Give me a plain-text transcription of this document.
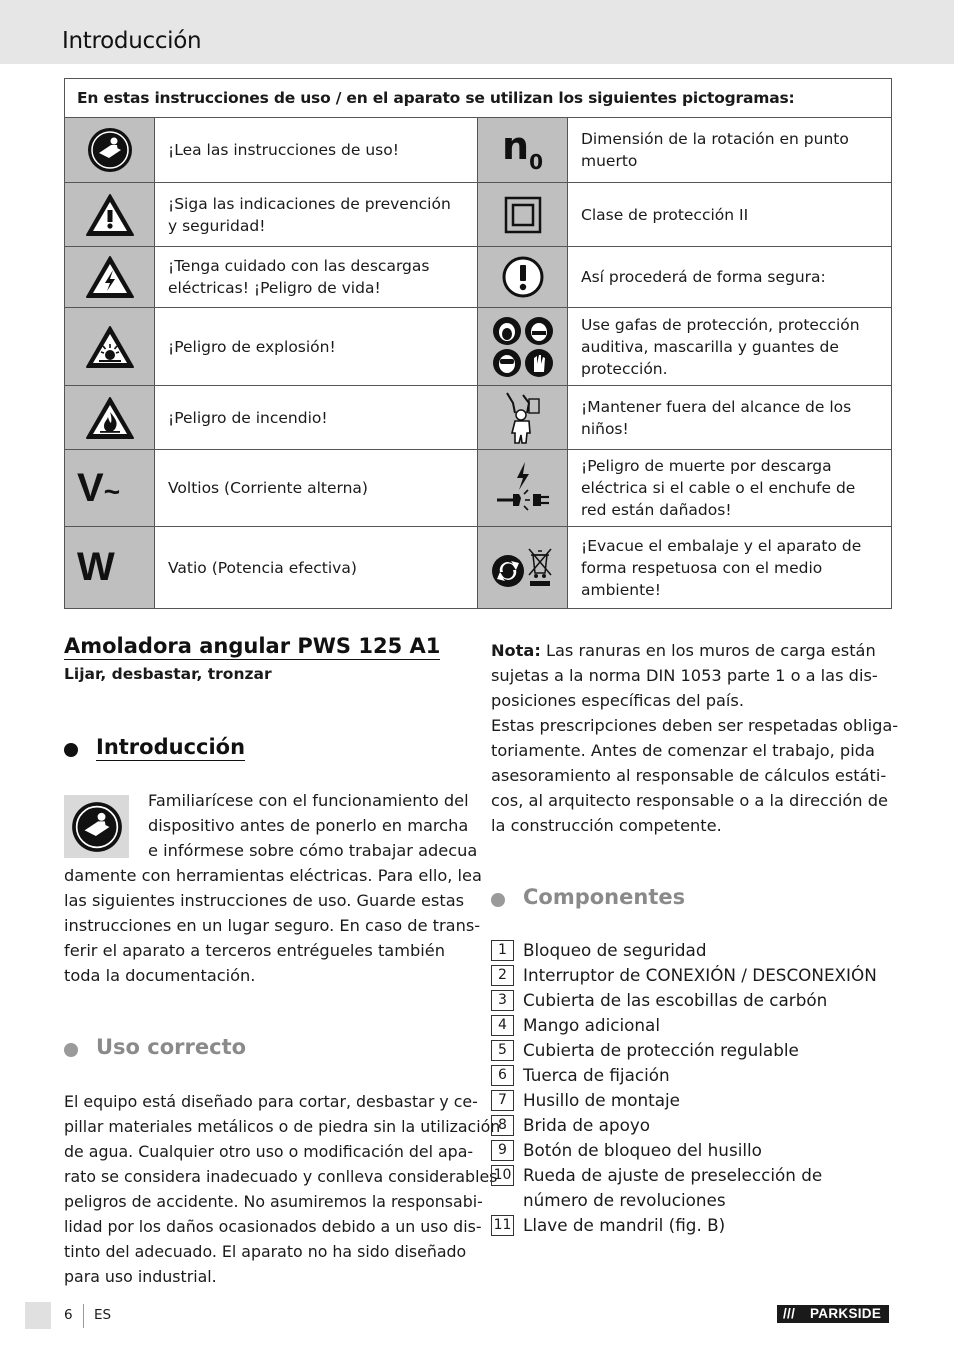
Introducción
En estas instrucciones de uso / en el aparato se utilizan los siguientes pictogramas:			
	¡Lea las instrucciones de uso!	n0	Dimensión de la rotación en punto muerto
	¡Siga las indicaciones de prevención y seguridad!		Clase de protección II
	¡Tenga cuidado con las descargas eléctricas! ¡Peligro de vida!		Así procederá de forma segura:
	¡Peligro de explosión!		Use gafas de protección, protección auditiva, mascarilla y guantes de protección.
	¡Peligro de incendio!		¡Mantener fuera del alcance de los niños!
V~	Voltios (Corriente alterna)		¡Peligro de muerte por descarga eléctrica si el cable o el enchufe de red están dañados!
W	Vatio (Potencia efectiva)		¡Evacue el embalaje y el aparato de forma respetuosa con el medio ambiente!
Amoladora angular PWS 125 A1
Lijar, desbastar, tronzar
Introducción
Familiarícese con el funcionamiento del
dispositivo antes de ponerlo en marcha
e infórmese sobre cómo trabajar adecua
damente con herramientas eléctricas. Para ello, lea
las siguientes instrucciones de uso. Guarde estas
instrucciones en un lugar seguro. En caso de trans-
ferir el aparato a terceros entrégueles también
toda la documentación.
Uso correcto
El equipo está diseñado para cortar, desbastar y ce-
pillar materiales metálicos o de piedra sin la utilización
de agua. Cualquier otro uso o modificación del apa-
rato se considera inadecuado y conlleva considerables
peligros de accidente. No asumiremos la responsabi-
lidad por los daños ocasionados debido a un uso dis-
tinto del adecuado. El aparato no ha sido diseñado
para uso industrial.
Nota: Las ranuras en los muros de carga están
sujetas a la norma DIN 1053 parte 1 o a las dis-
posiciones específicas del país.
Estas prescripciones deben ser respetadas obliga-
toriamente. Antes de comenzar el trabajo, pida
asesoramiento al responsable de cálculos estáti-
cos, al arquitecto responsable o a la dirección de
la construcción competente.
Componentes
1 Bloqueo de seguridad
2 Interruptor de CONEXIÓN / DESCONEXIÓN
3 Cubierta de las escobillas de carbón
4 Mango adicional
5 Cubierta de protección regulable
6 Tuerca de fijación
7 Husillo de montaje
8 Brida de apoyo
9 Botón de bloqueo del husillo
10 Rueda de ajuste de preselección de
número de revoluciones
11 Llave de mandril (fig. B)
6 ES	/// PARKSIDE
